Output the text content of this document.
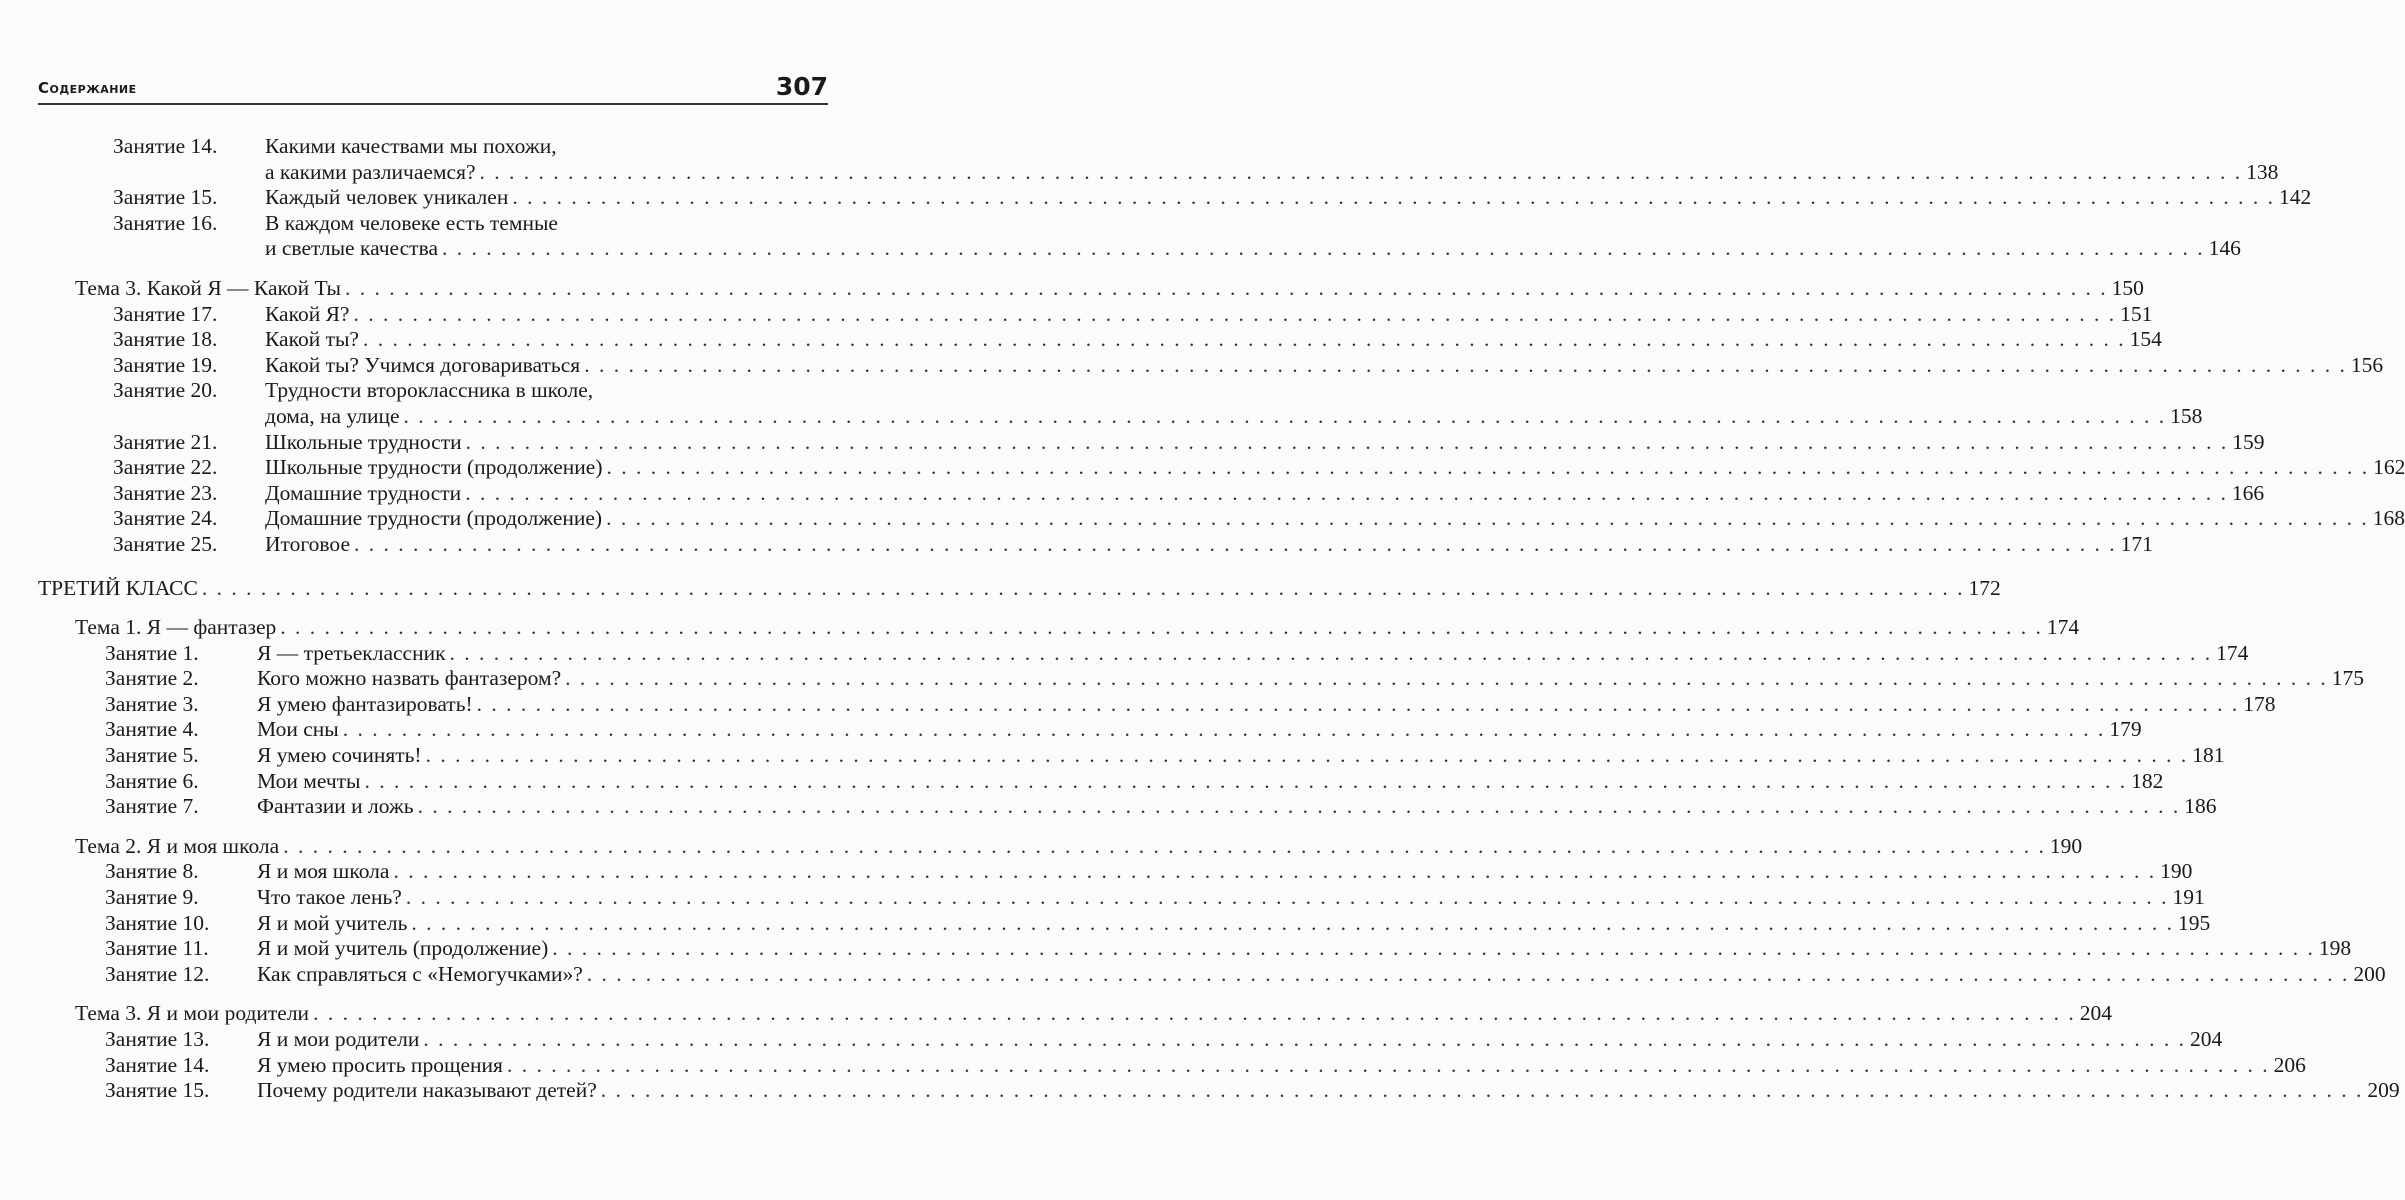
Содержание	307
Занятие 14.	Какими качествами мы похожи,
а какими различаемся? . . . . . . . . . . . . . . . . . . . . . . . . . . . . . . . . . . . . . . . . . . . . . . . . . . . . . . . . . . . . . . . . . . . . . . . . . . . . . . . . . . . . . . . . . . . . . . . . . . . . . . . . . . . . . . . . . . . . . . . . 138
Занятие 15.	Каждый человек уникален . . . . . . . . . . . . . . . . . . . . . . . . . . . . . . . . . . . . . . . . . . . . . . . . . . . . . . . . . . . . . . . . . . . . . . . . . . . . . . . . . . . . . . . . . . . . . . . . . . . . . . . . . . . . . . . . . . . . . . . . 142
Занятие 16.	В каждом человеке есть темные
и светлые качества . . . . . . . . . . . . . . . . . . . . . . . . . . . . . . . . . . . . . . . . . . . . . . . . . . . . . . . . . . . . . . . . . . . . . . . . . . . . . . . . . . . . . . . . . . . . . . . . . . . . . . . . . . . . . . . . . . . . . . . . 146
Тема 3. Какой Я — Какой Ты . . . . . . . . . . . . . . . . . . . . . . . . . . . . . . . . . . . . . . . . . . . . . . . . . . . . . . . . . . . . . . . . . . . . . . . . . . . . . . . . . . . . . . . . . . . . . . . . . . . . . . . . . . . . . . . . . . . . . . . . 150
Занятие 17.	Какой Я? . . . . . . . . . . . . . . . . . . . . . . . . . . . . . . . . . . . . . . . . . . . . . . . . . . . . . . . . . . . . . . . . . . . . . . . . . . . . . . . . . . . . . . . . . . . . . . . . . . . . . . . . . . . . . . . . . . . . . . . . 151
Занятие 18.	Какой ты? . . . . . . . . . . . . . . . . . . . . . . . . . . . . . . . . . . . . . . . . . . . . . . . . . . . . . . . . . . . . . . . . . . . . . . . . . . . . . . . . . . . . . . . . . . . . . . . . . . . . . . . . . . . . . . . . . . . . . . . . 154
Занятие 19.	Какой ты? Учимся договариваться . . . . . . . . . . . . . . . . . . . . . . . . . . . . . . . . . . . . . . . . . . . . . . . . . . . . . . . . . . . . . . . . . . . . . . . . . . . . . . . . . . . . . . . . . . . . . . . . . . . . . . . . . . . . . . . . . . . . . . . . 156
Занятие 20.	Трудности второклассника в школе,
дома, на улице . . . . . . . . . . . . . . . . . . . . . . . . . . . . . . . . . . . . . . . . . . . . . . . . . . . . . . . . . . . . . . . . . . . . . . . . . . . . . . . . . . . . . . . . . . . . . . . . . . . . . . . . . . . . . . . . . . . . . . . . 158
Занятие 21.	Школьные трудности . . . . . . . . . . . . . . . . . . . . . . . . . . . . . . . . . . . . . . . . . . . . . . . . . . . . . . . . . . . . . . . . . . . . . . . . . . . . . . . . . . . . . . . . . . . . . . . . . . . . . . . . . . . . . . . . . . . . . . . . 159
Занятие 22.	Школьные трудности (продолжение) . . . . . . . . . . . . . . . . . . . . . . . . . . . . . . . . . . . . . . . . . . . . . . . . . . . . . . . . . . . . . . . . . . . . . . . . . . . . . . . . . . . . . . . . . . . . . . . . . . . . . . . . . . . . . . . . . . . . . . . . 162
Занятие 23.	Домашние трудности . . . . . . . . . . . . . . . . . . . . . . . . . . . . . . . . . . . . . . . . . . . . . . . . . . . . . . . . . . . . . . . . . . . . . . . . . . . . . . . . . . . . . . . . . . . . . . . . . . . . . . . . . . . . . . . . . . . . . . . . 166
Занятие 24.	Домашние трудности (продолжение) . . . . . . . . . . . . . . . . . . . . . . . . . . . . . . . . . . . . . . . . . . . . . . . . . . . . . . . . . . . . . . . . . . . . . . . . . . . . . . . . . . . . . . . . . . . . . . . . . . . . . . . . . . . . . . . . . . . . . . . . 168
Занятие 25.	Итоговое . . . . . . . . . . . . . . . . . . . . . . . . . . . . . . . . . . . . . . . . . . . . . . . . . . . . . . . . . . . . . . . . . . . . . . . . . . . . . . . . . . . . . . . . . . . . . . . . . . . . . . . . . . . . . . . . . . . . . . . . 171
ТРЕТИЙ КЛАСС . . . . . . . . . . . . . . . . . . . . . . . . . . . . . . . . . . . . . . . . . . . . . . . . . . . . . . . . . . . . . . . . . . . . . . . . . . . . . . . . . . . . . . . . . . . . . . . . . . . . . . . . . . . . . . . . . . . . . . . . 172
Тема 1. Я — фантазер . . . . . . . . . . . . . . . . . . . . . . . . . . . . . . . . . . . . . . . . . . . . . . . . . . . . . . . . . . . . . . . . . . . . . . . . . . . . . . . . . . . . . . . . . . . . . . . . . . . . . . . . . . . . . . . . . . . . . . . . 174
Занятие 1.	Я — третьеклассник . . . . . . . . . . . . . . . . . . . . . . . . . . . . . . . . . . . . . . . . . . . . . . . . . . . . . . . . . . . . . . . . . . . . . . . . . . . . . . . . . . . . . . . . . . . . . . . . . . . . . . . . . . . . . . . . . . . . . . . . 174
Занятие 2.	Кого можно назвать фантазером? . . . . . . . . . . . . . . . . . . . . . . . . . . . . . . . . . . . . . . . . . . . . . . . . . . . . . . . . . . . . . . . . . . . . . . . . . . . . . . . . . . . . . . . . . . . . . . . . . . . . . . . . . . . . . . . . . . . . . . . . 175
Занятие 3.	Я умею фантазировать! . . . . . . . . . . . . . . . . . . . . . . . . . . . . . . . . . . . . . . . . . . . . . . . . . . . . . . . . . . . . . . . . . . . . . . . . . . . . . . . . . . . . . . . . . . . . . . . . . . . . . . . . . . . . . . . . . . . . . . . . 178
Занятие 4.	Мои сны . . . . . . . . . . . . . . . . . . . . . . . . . . . . . . . . . . . . . . . . . . . . . . . . . . . . . . . . . . . . . . . . . . . . . . . . . . . . . . . . . . . . . . . . . . . . . . . . . . . . . . . . . . . . . . . . . . . . . . . . 179
Занятие 5.	Я умею сочинять! . . . . . . . . . . . . . . . . . . . . . . . . . . . . . . . . . . . . . . . . . . . . . . . . . . . . . . . . . . . . . . . . . . . . . . . . . . . . . . . . . . . . . . . . . . . . . . . . . . . . . . . . . . . . . . . . . . . . . . . . 181
Занятие 6.	Мои мечты . . . . . . . . . . . . . . . . . . . . . . . . . . . . . . . . . . . . . . . . . . . . . . . . . . . . . . . . . . . . . . . . . . . . . . . . . . . . . . . . . . . . . . . . . . . . . . . . . . . . . . . . . . . . . . . . . . . . . . . . 182
Занятие 7.	Фантазии и ложь . . . . . . . . . . . . . . . . . . . . . . . . . . . . . . . . . . . . . . . . . . . . . . . . . . . . . . . . . . . . . . . . . . . . . . . . . . . . . . . . . . . . . . . . . . . . . . . . . . . . . . . . . . . . . . . . . . . . . . . . 186
Тема 2. Я и моя школа . . . . . . . . . . . . . . . . . . . . . . . . . . . . . . . . . . . . . . . . . . . . . . . . . . . . . . . . . . . . . . . . . . . . . . . . . . . . . . . . . . . . . . . . . . . . . . . . . . . . . . . . . . . . . . . . . . . . . . . . 190
Занятие 8.	Я и моя школа . . . . . . . . . . . . . . . . . . . . . . . . . . . . . . . . . . . . . . . . . . . . . . . . . . . . . . . . . . . . . . . . . . . . . . . . . . . . . . . . . . . . . . . . . . . . . . . . . . . . . . . . . . . . . . . . . . . . . . . . 190
Занятие 9.	Что такое лень? . . . . . . . . . . . . . . . . . . . . . . . . . . . . . . . . . . . . . . . . . . . . . . . . . . . . . . . . . . . . . . . . . . . . . . . . . . . . . . . . . . . . . . . . . . . . . . . . . . . . . . . . . . . . . . . . . . . . . . . . 191
Занятие 10.	Я и мой учитель . . . . . . . . . . . . . . . . . . . . . . . . . . . . . . . . . . . . . . . . . . . . . . . . . . . . . . . . . . . . . . . . . . . . . . . . . . . . . . . . . . . . . . . . . . . . . . . . . . . . . . . . . . . . . . . . . . . . . . . . 195
Занятие 11.	Я и мой учитель (продолжение) . . . . . . . . . . . . . . . . . . . . . . . . . . . . . . . . . . . . . . . . . . . . . . . . . . . . . . . . . . . . . . . . . . . . . . . . . . . . . . . . . . . . . . . . . . . . . . . . . . . . . . . . . . . . . . . . . . . . . . . . 198
Занятие 12.	Как справляться с «Немогучками»? . . . . . . . . . . . . . . . . . . . . . . . . . . . . . . . . . . . . . . . . . . . . . . . . . . . . . . . . . . . . . . . . . . . . . . . . . . . . . . . . . . . . . . . . . . . . . . . . . . . . . . . . . . . . . . . . . . . . . . . . 200
Тема 3. Я и мои родители . . . . . . . . . . . . . . . . . . . . . . . . . . . . . . . . . . . . . . . . . . . . . . . . . . . . . . . . . . . . . . . . . . . . . . . . . . . . . . . . . . . . . . . . . . . . . . . . . . . . . . . . . . . . . . . . . . . . . . . . 204
Занятие 13.	Я и мои родители . . . . . . . . . . . . . . . . . . . . . . . . . . . . . . . . . . . . . . . . . . . . . . . . . . . . . . . . . . . . . . . . . . . . . . . . . . . . . . . . . . . . . . . . . . . . . . . . . . . . . . . . . . . . . . . . . . . . . . . . 204
Занятие 14.	Я умею просить прощения . . . . . . . . . . . . . . . . . . . . . . . . . . . . . . . . . . . . . . . . . . . . . . . . . . . . . . . . . . . . . . . . . . . . . . . . . . . . . . . . . . . . . . . . . . . . . . . . . . . . . . . . . . . . . . . . . . . . . . . . 206
Занятие 15.	Почему родители наказывают детей? . . . . . . . . . . . . . . . . . . . . . . . . . . . . . . . . . . . . . . . . . . . . . . . . . . . . . . . . . . . . . . . . . . . . . . . . . . . . . . . . . . . . . . . . . . . . . . . . . . . . . . . . . . . . . . . . . . . . . . . . 209
